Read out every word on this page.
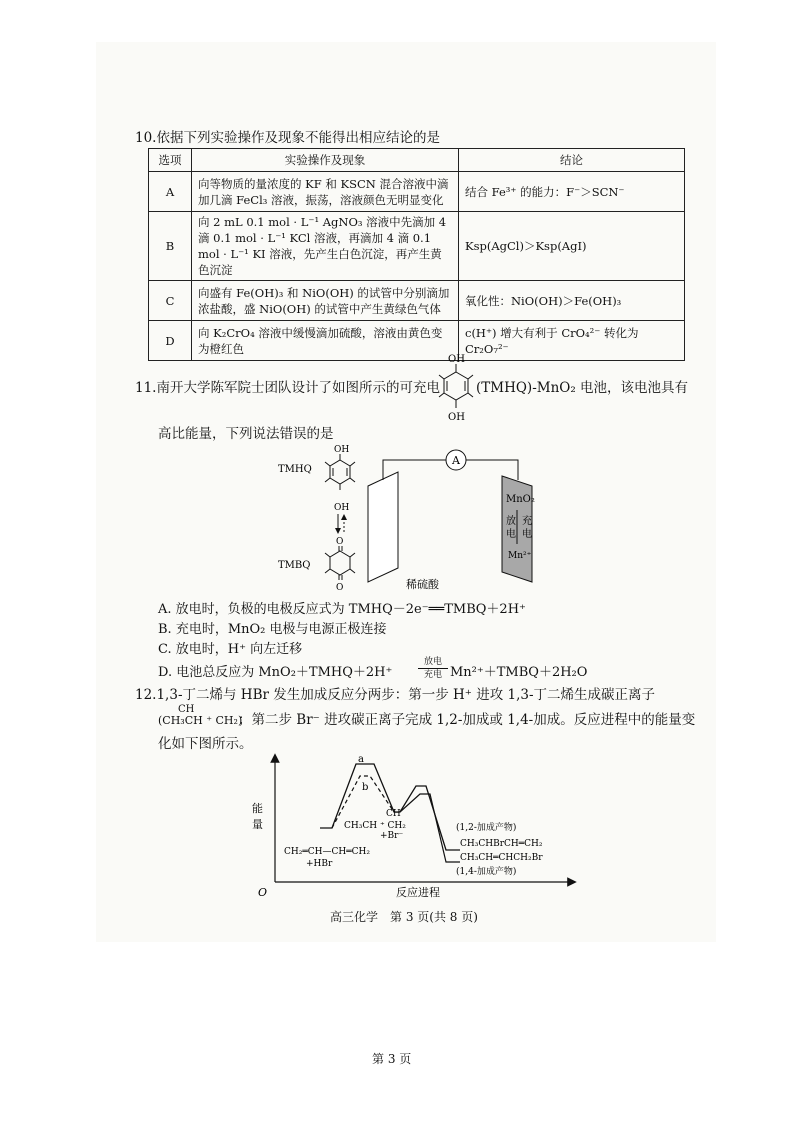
10.依据下列实验操作及现象不能得出相应结论的是
选项	实验操作及现象	结论
A	向等物质的量浓度的 KF 和 KSCN 混合溶液中滴加几滴 FeCl₃ 溶液，振荡，溶液颜色无明显变化	结合 Fe³⁺ 的能力：F⁻＞SCN⁻
B	向 2 mL 0.1 mol · L⁻¹ AgNO₃ 溶液中先滴加 4 滴 0.1 mol · L⁻¹ KCl 溶液，再滴加 4 滴 0.1 mol · L⁻¹ KI 溶液，先产生白色沉淀，再产生黄色沉淀	Ksp(AgCl)＞Ksp(AgI)
C	向盛有 Fe(OH)₃ 和 NiO(OH) 的试管中分别滴加浓盐酸，盛 NiO(OH) 的试管中产生黄绿色气体	氧化性：NiO(OH)＞Fe(OH)₃
D	向 K₂CrO₄ 溶液中缓慢滴加硫酸，溶液由黄色变为橙红色	c(H⁺) 增大有利于 CrO₄²⁻ 转化为 Cr₂O₇²⁻
11.南开大学陈军院士团队设计了如图所示的可充电
OH
OH
(TMHQ)-MnO₂ 电池，该电池具有
高比能量，下列说法错误的是
TMHQ
OH
OH
TMBQ
O
O
A
MnO₂
放
电
充
电
Mn²⁺
稀硫酸
A. 放电时，负极的电极反应式为 TMHQ－2e⁻══TMBQ＋2H⁺
B. 充电时，MnO₂ 电极与电源正极连接
C. 放电时，H⁺ 向左迁移
D. 电池总反应为 MnO₂＋TMHQ＋2H⁺
放电
充电 Mn²⁺＋TMBQ＋2H₂O
12.1,3-丁二烯与 HBr 发生加成反应分两步：第一步 H⁺ 进攻 1,3-丁二烯生成碳正离子
CH
(CH₃CH ⁺ CH₂)
；第二步 Br⁻ 进攻碳正离子完成 1,2-加成或 1,4-加成。反应进程中的能量变
化如下图所示。
O
能
量
反应进程
a
b
CH
CH₃CH ⁺ CH₂
+Br⁻
CH₂═CH—CH═CH₂
+HBr
(1,2-加成产物)
CH₃CHBrCH═CH₂
CH₃CH═CHCH₂Br
(1,4-加成产物)
高三化学　第 3 页(共 8 页)
第 3 页
